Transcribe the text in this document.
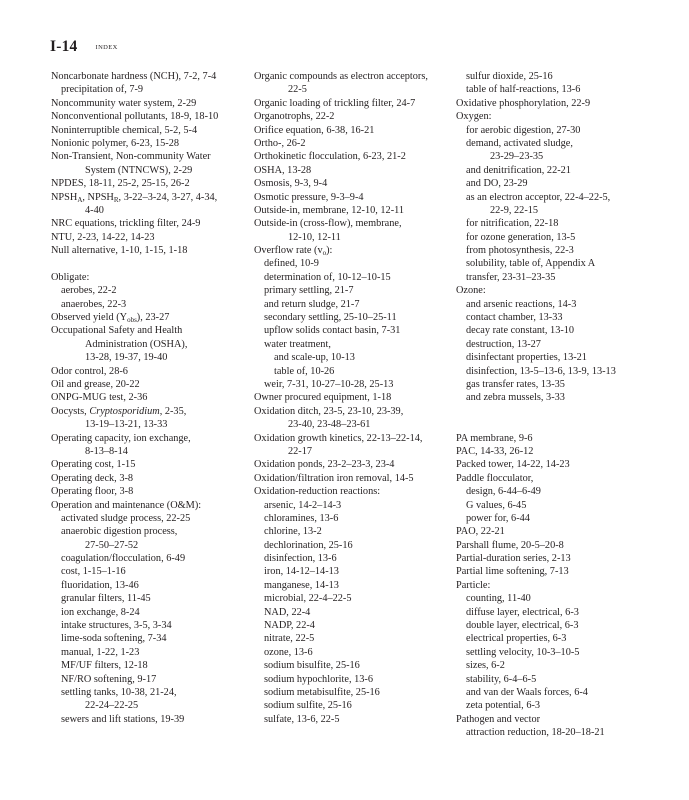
I-14	INDEX
Noncarbonate hardness (NCH), 7-2, 7-4
precipitation of, 7-9
Noncommunity water system, 2-29
Nonconventional pollutants, 18-9, 18-10
Noninterruptible chemical, 5-2, 5-4
Nonionic polymer, 6-23, 15-28
Non-Transient, Non-community Water
System (NTNCWS), 2-29
NPDES, 18-11, 25-2, 25-15, 26-2
$NPSH_A$, $NPSH_R$, 3-22–3-24, 3-27, 4-34,
4-40
NRC equations, trickling filter, 24-9
NTU, 2-23, 14-22, 14-23
Null alternative, 1-10, 1-15, 1-18
Obligate:
aerobes, 22-2
anaerobes, 22-3
Observed yield $(Y_{obs})$, 23-27
Occupational Safety and Health
Administration (OSHA),
13-28, 19-37, 19-40
Odor control, 28-6
Oil and grease, 20-22
ONPG-MUG test, 2-36
Oocysts, Cryptosporidium, 2-35,
13-19–13-21, 13-33
Operating capacity, ion exchange,
8-13–8-14
Operating cost, 1-15
Operating deck, 3-8
Operating floor, 3-8
Operation and maintenance (O&M):
activated sludge process, 22-25
anaerobic digestion process,
27-50–27-52
coagulation/flocculation, 6-49
cost, 1-15–1-16
fluoridation, 13-46
granular filters, 11-45
ion exchange, 8-24
intake structures, 3-5, 3-34
lime-soda softening, 7-34
manual, 1-22, 1-23
MF/UF filters, 12-18
NF/RO softening, 9-17
settling tanks, 10-38, 21-24,
22-24–22-25
sewers and lift stations, 19-39
Organic compounds as electron acceptors,
22-5
Organic loading of trickling filter, 24-7
Organotrophs, 22-2
Orifice equation, 6-38, 16-21
Ortho-, 26-2
Orthokinetic flocculation, 6-23, 21-2
OSHA, 13-28
Osmosis, 9-3, 9-4
Osmotic pressure, 9-3–9-4
Outside-in, membrane, 12-10, 12-11
Outside-in (cross-flow), membrane,
12-10, 12-11
Overflow rate $(v_o)$:
defined, 10-9
determination of, 10-12–10-15
primary settling, 21-7
and return sludge, 21-7
secondary settling, 25-10–25-11
upflow solids contact basin, 7-31
water treatment,
and scale-up, 10-13
table of, 10-26
weir, 7-31, 10-27–10-28, 25-13
Owner procured equipment, 1-18
Oxidation ditch, 23-5, 23-10, 23-39,
23-40, 23-48–23-61
Oxidation growth kinetics, 22-13–22-14,
22-17
Oxidation ponds, 23-2–23-3, 23-4
Oxidation/filtration iron removal, 14-5
Oxidation-reduction reactions:
arsenic, 14-2–14-3
chloramines, 13-6
chlorine, 13-2
dechlorination, 25-16
disinfection, 13-6
iron, 14-12–14-13
manganese, 14-13
microbial, 22-4–22-5
NAD, 22-4
NADP, 22-4
nitrate, 22-5
ozone, 13-6
sodium bisulfite, 25-16
sodium hypochlorite, 13-6
sodium metabisulfite, 25-16
sodium sulfite, 25-16
sulfate, 13-6, 22-5
sulfur dioxide, 25-16
table of half-reactions, 13-6
Oxidative phosphorylation, 22-9
Oxygen:
for aerobic digestion, 27-30
demand, activated sludge,
23-29–23-35
and denitrification, 22-21
and DO, 23-29
as an electron acceptor, 22-4–22-5,
22-9, 22-15
for nitrification, 22-18
for ozone generation, 13-5
from photosynthesis, 22-3
solubility, table of, Appendix A
transfer, 23-31–23-35
Ozone:
and arsenic reactions, 14-3
contact chamber, 13-33
decay rate constant, 13-10
destruction, 13-27
disinfectant properties, 13-21
disinfection, 13-5–13-6, 13-9, 13-13
gas transfer rates, 13-35
and zebra mussels, 3-33
PA membrane, 9-6
PAC, 14-33, 26-12
Packed tower, 14-22, 14-23
Paddle flocculator,
design, 6-44–6-49
G values, 6-45
power for, 6-44
PAO, 22-21
Parshall flume, 20-5–20-8
Partial-duration series, 2-13
Partial lime softening, 7-13
Particle:
counting, 11-40
diffuse layer, electrical, 6-3
double layer, electrical, 6-3
electrical properties, 6-3
settling velocity, 10-3–10-5
sizes, 6-2
stability, 6-4–6-5
and van der Waals forces, 6-4
zeta potential, 6-3
Pathogen and vector
attraction reduction, 18-20–18-21
